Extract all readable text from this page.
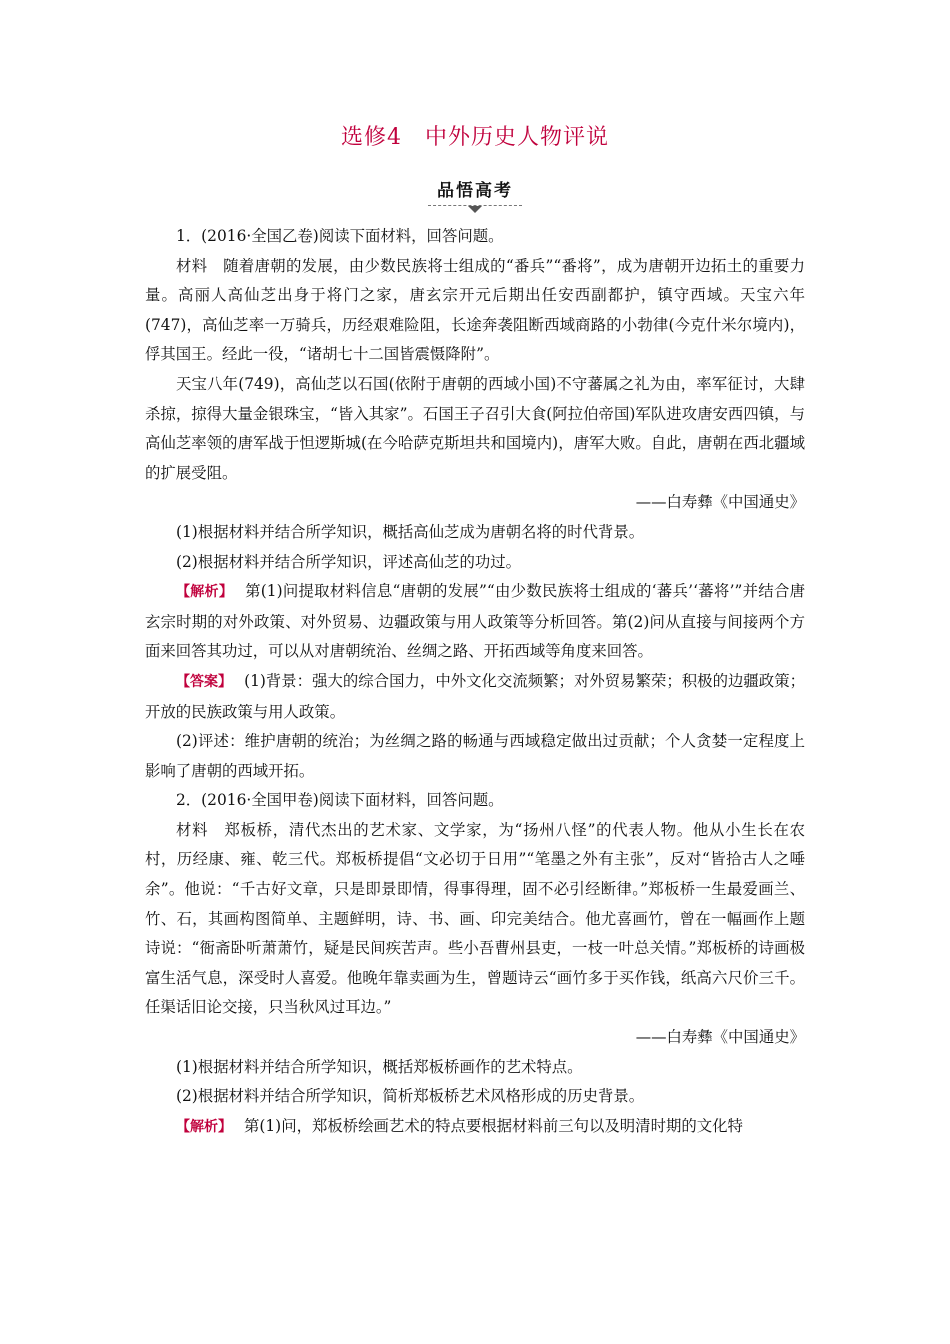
选修4　中外历史人物评说
品悟高考

1．(2016·全国乙卷)阅读下面材料，回答问题。

材料　随着唐朝的发展，由少数民族将士组成的“番兵”“番将”，成为唐朝开边拓土的重要力量。高丽人高仙芝出身于将门之家，唐玄宗开元后期出任安西副都护，镇守西域。天宝六年(747)，高仙芝率一万骑兵，历经艰难险阻，长途奔袭阻断西域商路的小勃律(今克什米尔境内)，俘其国王。经此一役，“诸胡七十二国皆震慑降附”。

天宝八年(749)，高仙芝以石国(依附于唐朝的西域小国)不守蕃属之礼为由，率军征讨，大肆杀掠，掠得大量金银珠宝，“皆入其家”。石国王子召引大食(阿拉伯帝国)军队进攻唐安西四镇，与高仙芝率领的唐军战于怛逻斯城(在今哈萨克斯坦共和国境内)，唐军大败。自此，唐朝在西北疆域的扩展受阻。

——白寿彝《中国通史》

(1)根据材料并结合所学知识，概括高仙芝成为唐朝名将的时代背景。

(2)根据材料并结合所学知识，评述高仙芝的功过。

【解析】 第(1)问提取材料信息“唐朝的发展”“由少数民族将士组成的‘蕃兵’‘蕃将’”并结合唐玄宗时期的对外政策、对外贸易、边疆政策与用人政策等分析回答。第(2)问从直接与间接两个方面来回答其功过，可以从对唐朝统治、丝绸之路、开拓西域等角度来回答。

【答案】 (1)背景：强大的综合国力，中外文化交流频繁；对外贸易繁荣；积极的边疆政策；开放的民族政策与用人政策。

(2)评述：维护唐朝的统治；为丝绸之路的畅通与西域稳定做出过贡献；个人贪婪一定程度上影响了唐朝的西域开拓。

2．(2016·全国甲卷)阅读下面材料，回答问题。

材料　郑板桥，清代杰出的艺术家、文学家，为“扬州八怪”的代表人物。他从小生长在农村，历经康、雍、乾三代。郑板桥提倡“文必切于日用”“笔墨之外有主张”，反对“皆拾古人之唾余”。他说：“千古好文章，只是即景即情，得事得理，固不必引经断律。”郑板桥一生最爱画兰、竹、石，其画构图简单、主题鲜明，诗、书、画、印完美结合。他尤喜画竹，曾在一幅画作上题诗说：“衙斋卧听萧萧竹，疑是民间疾苦声。些小吾曹州县吏，一枝一叶总关情。”郑板桥的诗画极富生活气息，深受时人喜爱。他晚年靠卖画为生，曾题诗云“画竹多于买作钱，纸高六尺价三千。任渠话旧论交接，只当秋风过耳边。”

——白寿彝《中国通史》

(1)根据材料并结合所学知识，概括郑板桥画作的艺术特点。

(2)根据材料并结合所学知识，简析郑板桥艺术风格形成的历史背景。

【解析】 第(1)问，郑板桥绘画艺术的特点要根据材料前三句以及明清时期的文化特
